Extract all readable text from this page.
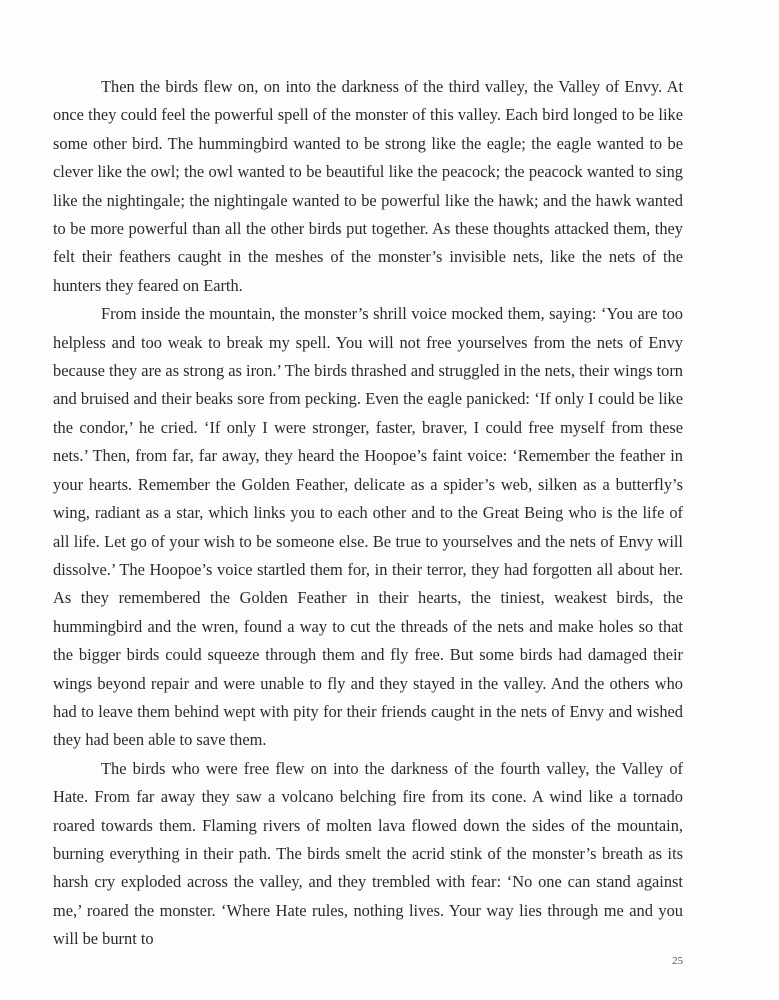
Then the birds flew on, on into the darkness of the third valley, the Valley of Envy. At once they could feel the powerful spell of the monster of this valley. Each bird longed to be like some other bird. The hummingbird wanted to be strong like the eagle; the eagle wanted to be clever like the owl; the owl wanted to be beautiful like the peacock; the peacock wanted to sing like the nightingale; the nightingale wanted to be powerful like the hawk; and the hawk wanted to be more powerful than all the other birds put together. As these thoughts attacked them, they felt their feathers caught in the meshes of the monster’s invisible nets, like the nets of the hunters they feared on Earth.

From inside the mountain, the monster’s shrill voice mocked them, saying: ‘You are too helpless and too weak to break my spell. You will not free yourselves from the nets of Envy because they are as strong as iron.’ The birds thrashed and struggled in the nets, their wings torn and bruised and their beaks sore from pecking. Even the eagle panicked: ‘If only I could be like the condor,’ he cried. ‘If only I were stronger, faster, braver, I could free myself from these nets.’ Then, from far, far away, they heard the Hoopoe’s faint voice: ‘Remember the feather in your hearts. Remember the Golden Feather, delicate as a spider’s web, silken as a butterfly’s wing, radiant as a star, which links you to each other and to the Great Being who is the life of all life. Let go of your wish to be someone else. Be true to yourselves and the nets of Envy will dissolve.’ The Hoopoe’s voice startled them for, in their terror, they had forgotten all about her. As they remembered the Golden Feather in their hearts, the tiniest, weakest birds, the hummingbird and the wren, found a way to cut the threads of the nets and make holes so that the bigger birds could squeeze through them and fly free. But some birds had damaged their wings beyond repair and were unable to fly and they stayed in the valley. And the others who had to leave them behind wept with pity for their friends caught in the nets of Envy and wished they had been able to save them.

The birds who were free flew on into the darkness of the fourth valley, the Valley of Hate. From far away they saw a volcano belching fire from its cone. A wind like a tornado roared towards them. Flaming rivers of molten lava flowed down the sides of the mountain, burning everything in their path. The birds smelt the acrid stink of the monster’s breath as its harsh cry exploded across the valley, and they trembled with fear: ‘No one can stand against me,’ roared the monster. ‘Where Hate rules, nothing lives. Your way lies through me and you will be burnt to

25
